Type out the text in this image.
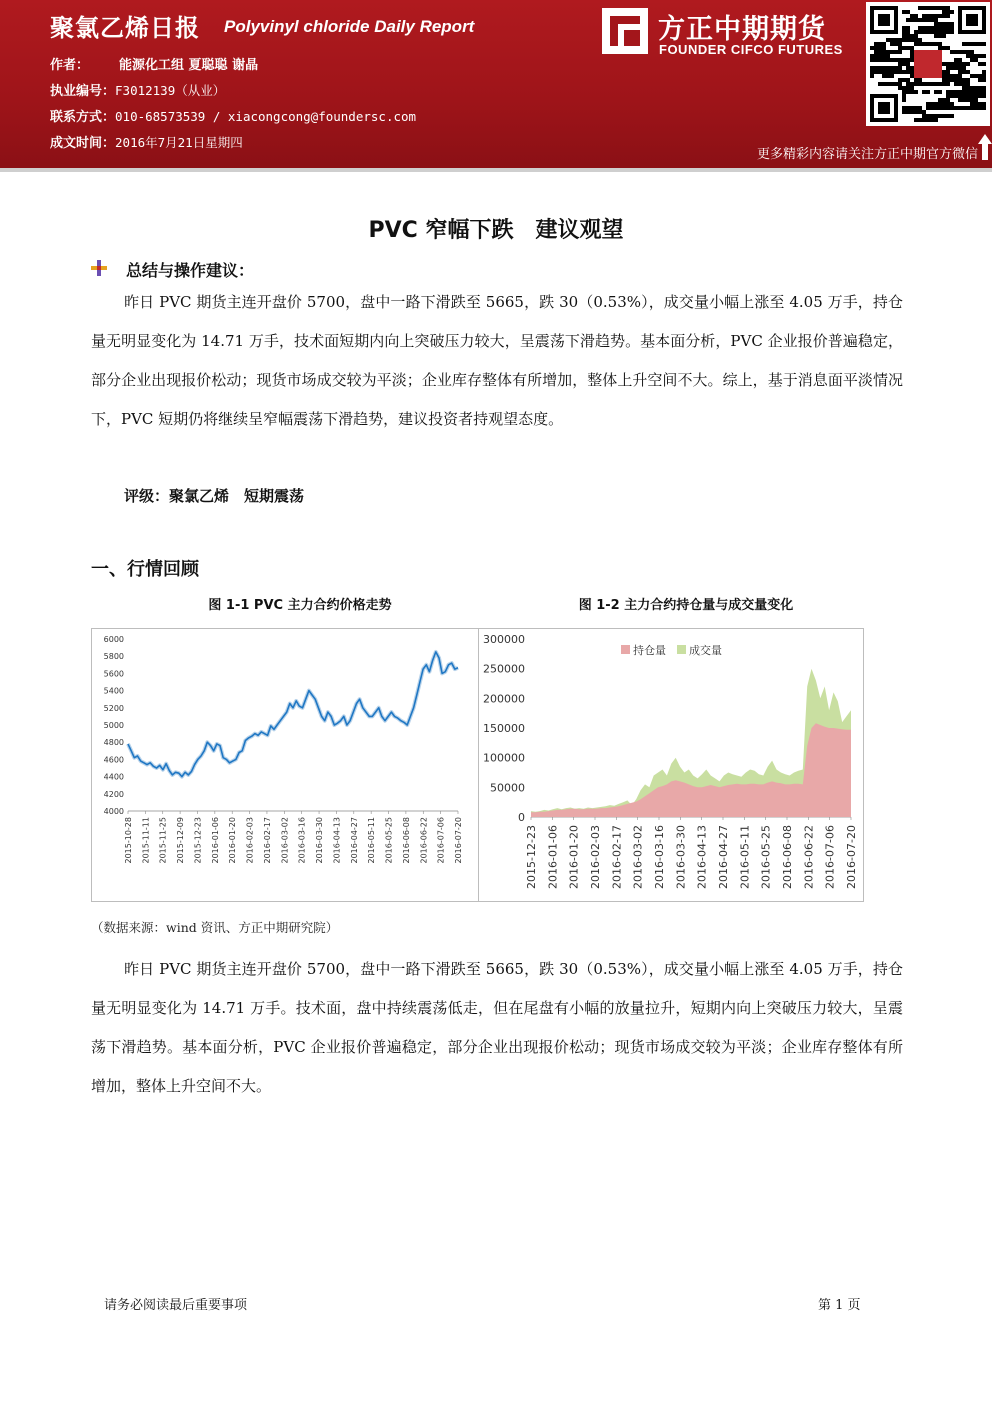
聚氯乙烯日报 Polyvinyl chloride Daily Report
作者： 能源化工组 夏聪聪 谢晶
执业编号：F3012139（从业）
联系方式：010-68573539 / xiacongcong@foundersc.com
成文时间：2016年7月21日星期四
方正中期期货
FOUNDER CIFCO FUTURES
更多精彩内容请关注方正中期官方微信
PVC 窄幅下跌　建议观望
总结与操作建议：
昨日 PVC 期货主连开盘价 5700，盘中一路下滑跌至 5665，跌 30（0.53%），成交量小幅上涨至 4.05 万手，持仓量无明显变化为 14.71 万手，技术面短期内向上突破压力较大，呈震荡下滑趋势。基本面分析，PVC 企业报价普遍稳定，部分企业出现报价松动；现货市场成交较为平淡；企业库存整体有所增加，整体上升空间不大。综上，基于消息面平淡情况下，PVC 短期仍将继续呈窄幅震荡下滑趋势，建议投资者持观望态度。
评级：聚氯乙烯　短期震荡
一、行情回顾
图 1-1 PVC 主力合约价格走势	图 1-2 主力合约持仓量与成交量变化
4000
4200
4400
4600
4800
5000
5200
5400
5600
5800
6000
2015-10-28 2015-11-11 2015-11-25 2015-12-09 2015-12-23 2016-01-06 2016-01-20 2016-02-03 2016-02-17 2016-03-02 2016-03-16 2016-03-30 2016-04-13 2016-04-27 2016-05-11 2016-05-25 2016-06-08 2016-06-22 2016-07-06 2016-07-20	0
50000
100000
150000
200000
250000
300000
2015-12-23 2016-01-06 2016-01-20 2016-02-03 2016-02-17 2016-03-02 2016-03-16 2016-03-30 2016-04-13 2016-04-27 2016-05-11 2016-05-25 2016-06-08 2016-06-22 2016-07-06 2016-07-20
持仓量 成交量
（数据来源：wind 资讯、方正中期研究院）
昨日 PVC 期货主连开盘价 5700，盘中一路下滑跌至 5665，跌 30（0.53%），成交量小幅上涨至 4.05 万手，持仓量无明显变化为 14.71 万手。技术面，盘中持续震荡低走，但在尾盘有小幅的放量拉升，短期内向上突破压力较大，呈震荡下滑趋势。基本面分析，PVC 企业报价普遍稳定，部分企业出现报价松动；现货市场成交较为平淡；企业库存整体有所增加，整体上升空间不大。
请务必阅读最后重要事项	第 1 页
